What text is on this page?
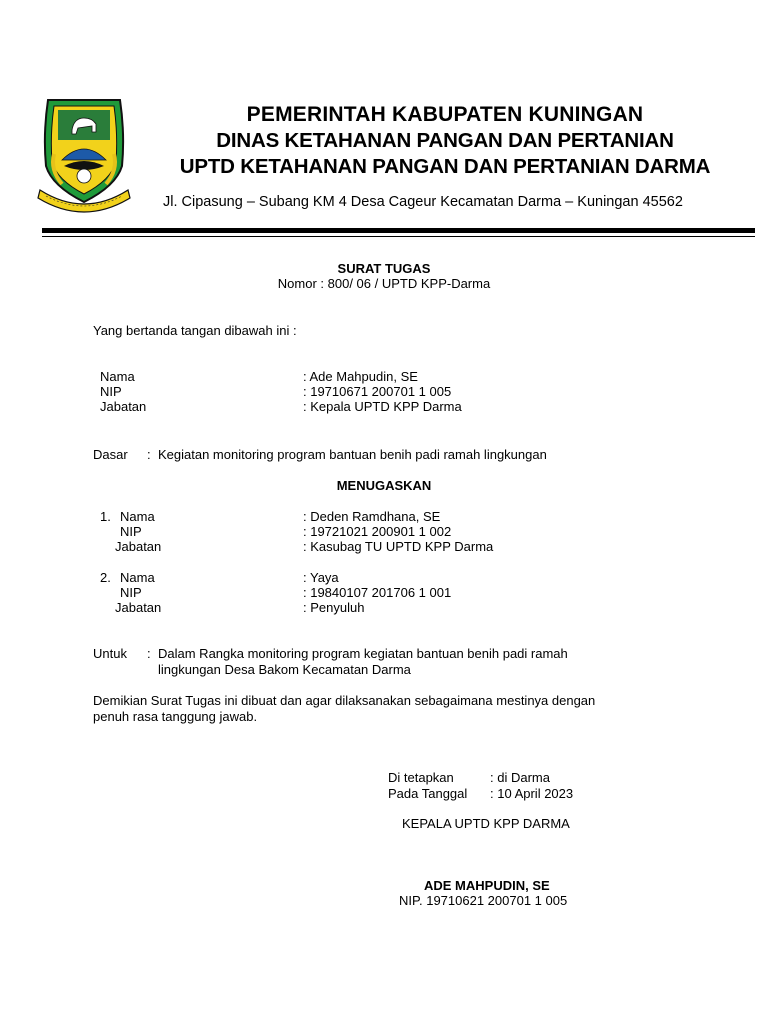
PEMERINTAH KABUPATEN KUNINGAN
DINAS KETAHANAN PANGAN DAN PERTANIAN
UPTD KETAHANAN PANGAN DAN PERTANIAN DARMA
Jl. Cipasung – Subang KM 4 Desa Cageur Kecamatan Darma – Kuningan 45562
SURAT TUGAS
Nomor : 800/ 06 / UPTD KPP-Darma
Yang bertanda tangan dibawah ini :
Nama	: Ade Mahpudin, SE
NIP	: 19710671 200701 1 005
Jabatan	: Kepala UPTD KPP Darma
Dasar : Kegiatan monitoring program bantuan benih padi ramah lingkungan
MENUGASKAN
1. Nama	: Deden Ramdhana, SE
NIP	: 19721021 200901 1 002
Jabatan	: Kasubag TU UPTD KPP Darma
2. Nama	: Yaya
NIP	: 19840107 201706 1 001
Jabatan	: Penyuluh
Untuk : Dalam Rangka monitoring program kegiatan bantuan benih padi ramah
lingkungan Desa Bakom Kecamatan Darma
Demikian Surat Tugas ini dibuat dan agar dilaksanakan sebagaimana mestinya dengan
penuh rasa tanggung jawab.
Di tetapkan	: di Darma
Pada Tanggal : 10 April 2023
KEPALA UPTD KPP DARMA
ADE MAHPUDIN, SE
NIP. 19710621 200701 1 005
